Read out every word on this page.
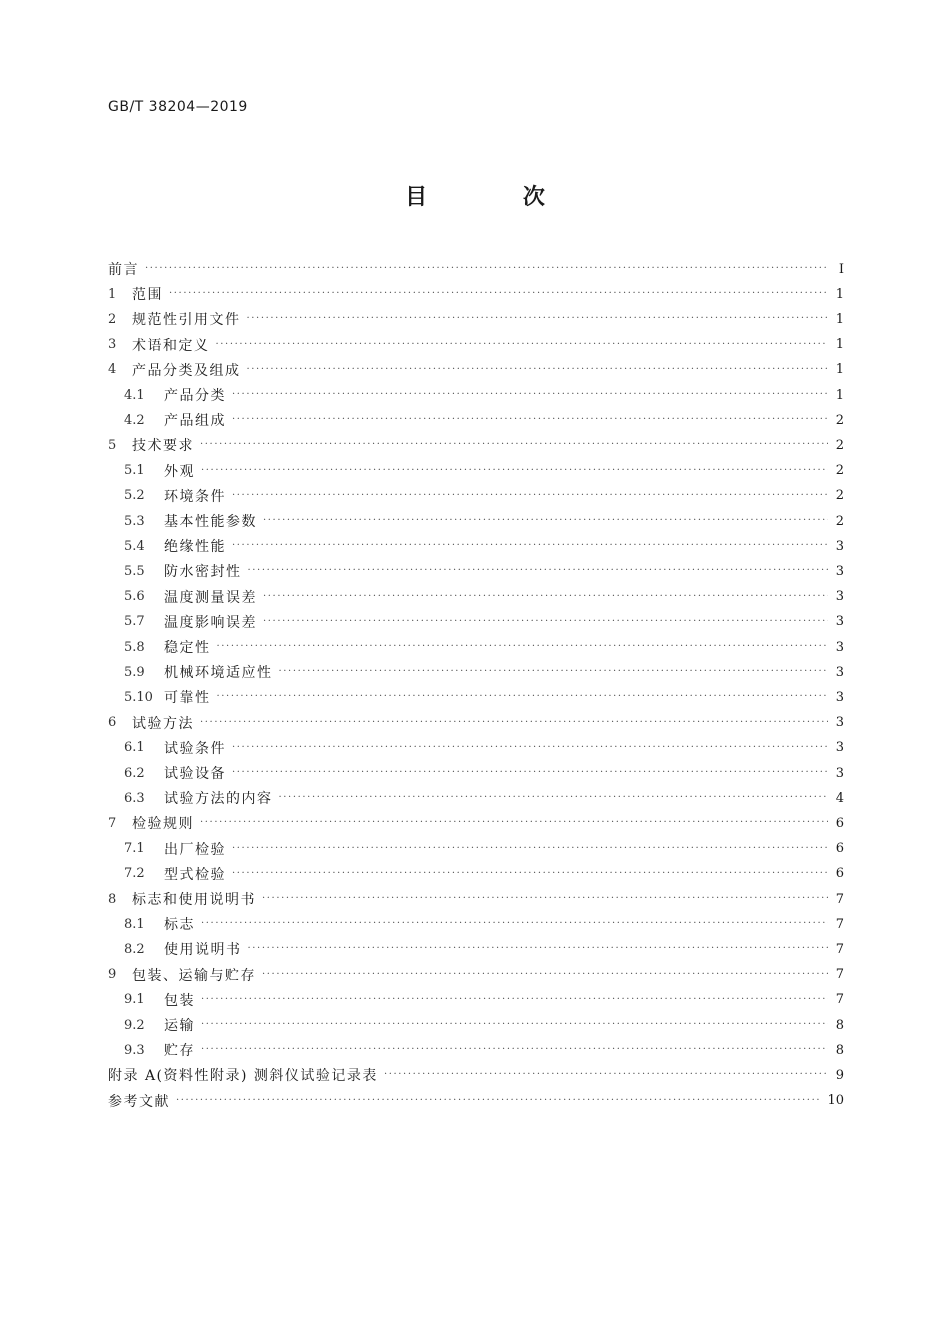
GB/T 38204—2019
目 次
前言 ·····	Ⅰ
1	范围 ·····	1
2	规范性引用文件 ·····	1
3	术语和定义 ·····	1
4	产品分类及组成 ·····	1
4.1	产品分类 ·····	1
4.2	产品组成 ·····	2
5	技术要求 ·····	2
5.1	外观 ·····	2
5.2	环境条件 ·····	2
5.3	基本性能参数 ·····	2
5.4	绝缘性能 ·····	3
5.5	防水密封性 ·····	3
5.6	温度测量误差 ·····	3
5.7	温度影响误差 ·····	3
5.8	稳定性 ·····	3
5.9	机械环境适应性 ·····	3
5.10 可靠性 ·····	3
6	试验方法 ·····	3
6.1	试验条件 ·····	3
6.2	试验设备 ·····	3
6.3	试验方法的内容 ·····	4
7	检验规则 ·····	6
7.1	出厂检验 ·····	6
7.2	型式检验 ·····	6
8	标志和使用说明书 ·····	7
8.1	标志 ·····	7
8.2	使用说明书 ·····	7
9	包装、运输与贮存 ·····	7
9.1	包装 ·····	7
9.2	运输 ·····	8
9.3	贮存 ·····	8
附录 A(资料性附录) 测斜仪试验记录表 ·····	9
参考文献 ·····	10
